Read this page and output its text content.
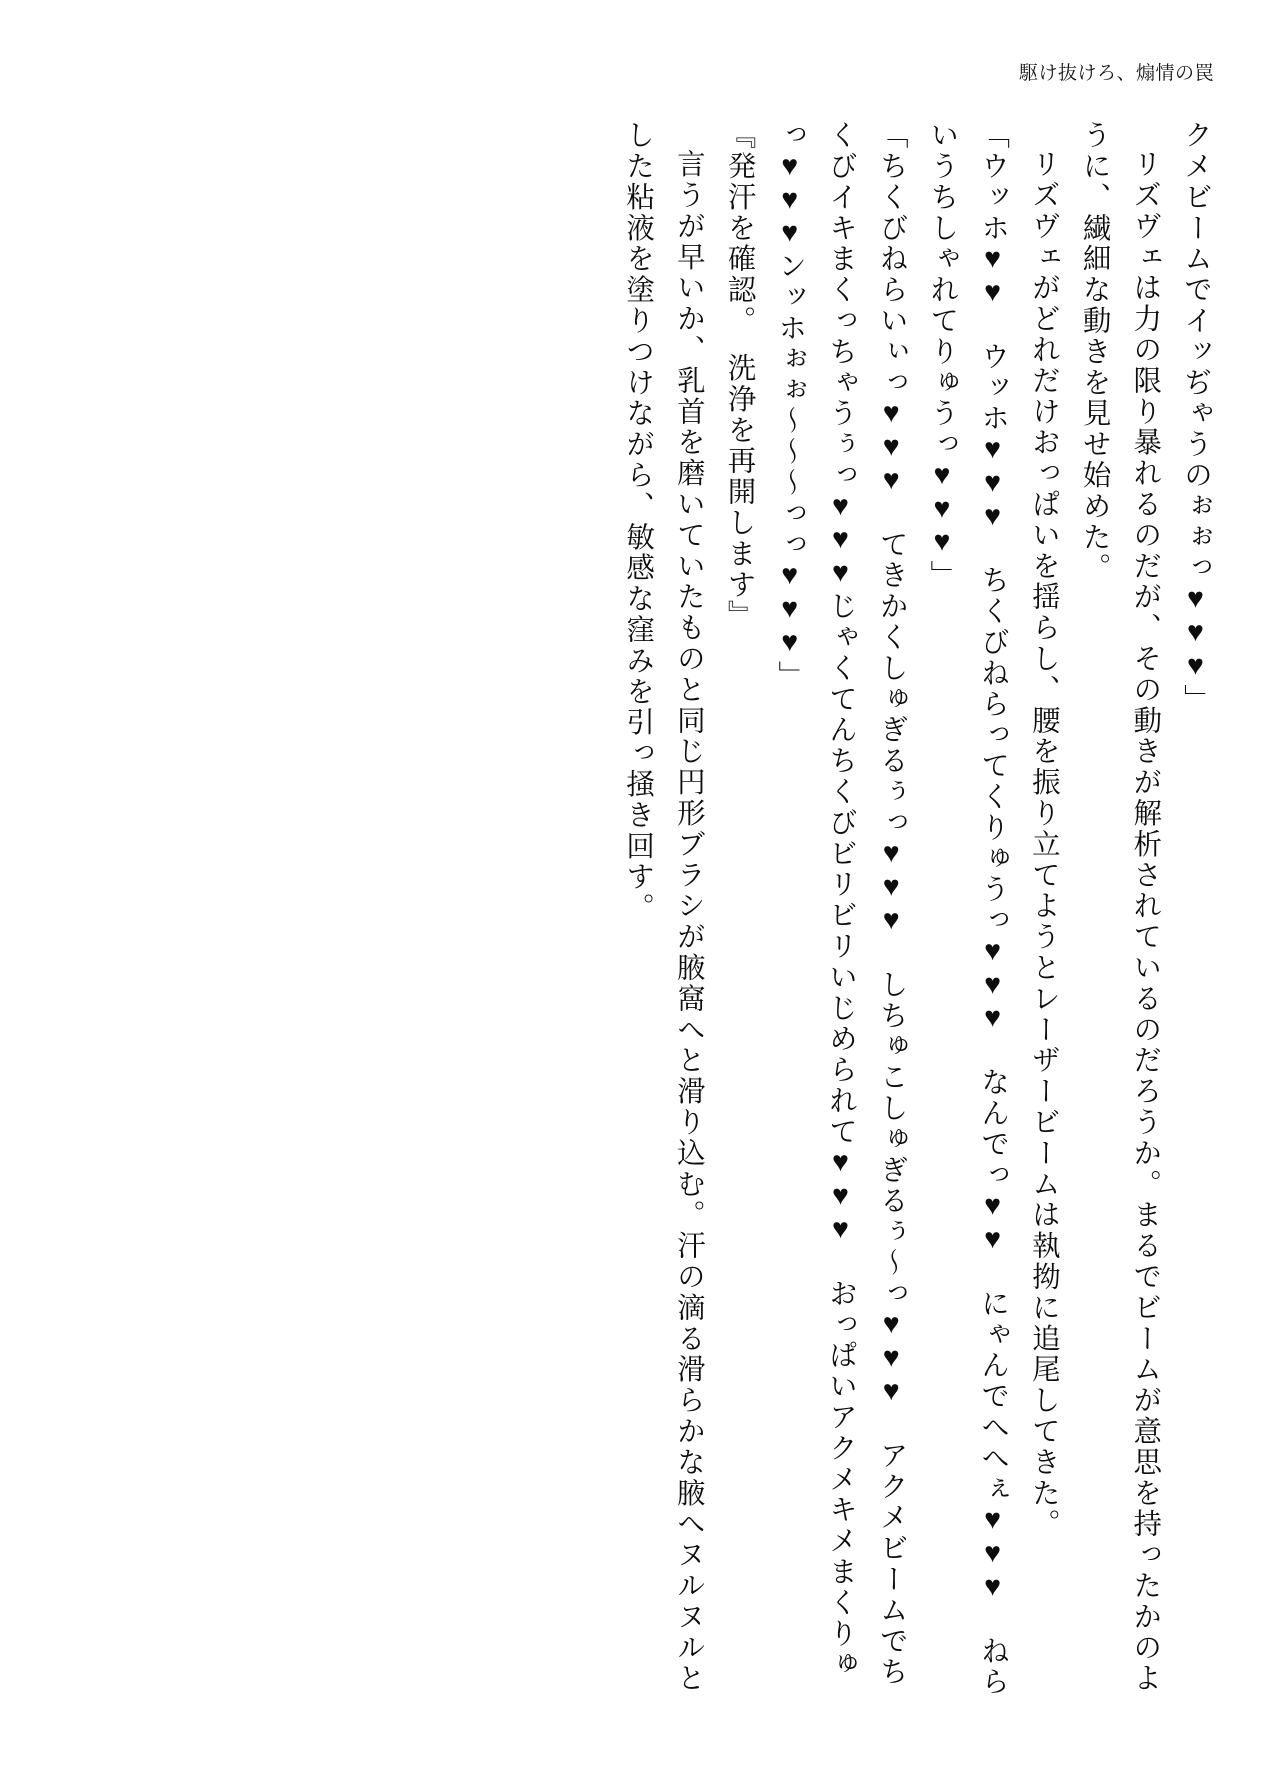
駆け抜けろ、煽情の罠

クメビームでイッぢゃうのぉぉっ♥♥♥」

リズヴェは力の限り暴れるのだが、その動きが解析されているのだろうか。まるでビームが意思を持ったかのように、繊細な動きを見せ始めた。

リズヴェがどれだけおっぱいを揺らし、腰を振り立てようとレーザービームは執拗に追尾してきた。

「ウッホ♥♥　ウッホ♥♥♥　ちくびねらってくりゅうっ♥♥♥　なんでっ♥♥　にゃんでへへぇ♥♥♥　ねらいうちしゃれてりゅうっ♥♥♥」

「ちくびねらいぃっ♥♥♥　てきかくしゅぎるぅっ♥♥♥　しちゅこしゅぎるぅ～っ♥♥♥　アクメビームでちくびイキまくっちゃうぅっ♥♥♥じゃくてんちくびビリビリいじめられて♥♥♥　おっぱいアクメキメまくりゅっ♥♥♥ンッホぉぉ～～～っっ♥♥♥」

『発汗を確認。　洗浄を再開します』

言うが早いか、乳首を磨いていたものと同じ円形ブラシが腋窩へと滑り込む。汗の滴る滑らかな腋へヌルヌルとした粘液を塗りつけながら、敏感な窪みを引っ掻き回す。
